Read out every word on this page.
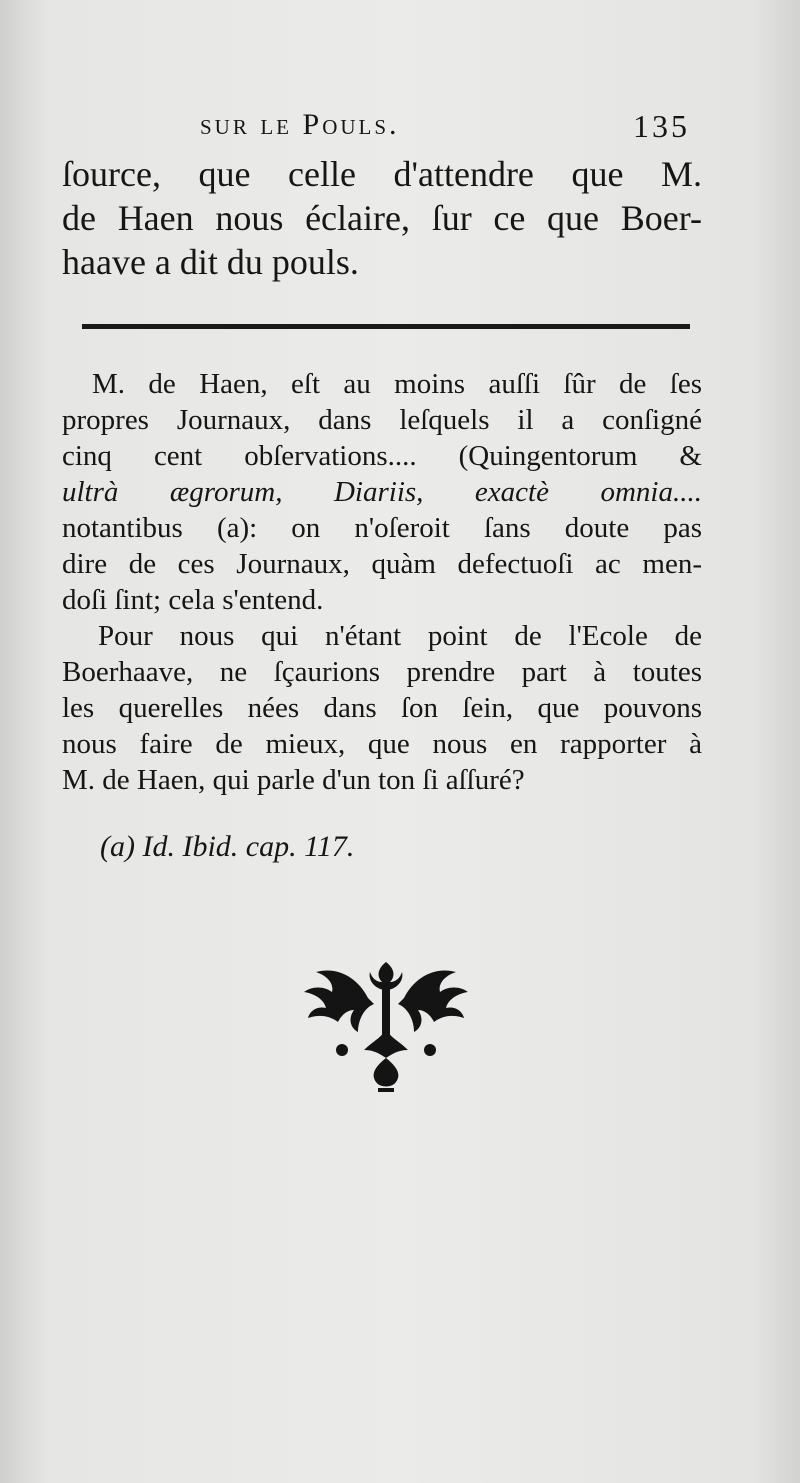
sur le Pouls.	135
ſource, que celle d'attendre que M.
de Haen nous éclaire, ſur ce que Boer-
haave a dit du pouls.
M. de Haen, eſt au moins auſſi ſûr de ſes
propres Journaux, dans leſquels il a conſigné
cinq cent obſervations.... (Quingentorum &
ultrà ægrorum, Diariis, exactè omnia....
notantibus (a): on n'oſeroit ſans doute pas
dire de ces Journaux, quàm defectuoſi ac men-
doſi ſint; cela s'entend.
Pour nous qui n'étant point de l'Ecole de
Boerhaave, ne ſçaurions prendre part à toutes
les querelles nées dans ſon ſein, que pouvons
nous faire de mieux, que nous en rapporter à
M. de Haen, qui parle d'un ton ſi aſſuré?
(a) Id. Ibid. cap. 117.
